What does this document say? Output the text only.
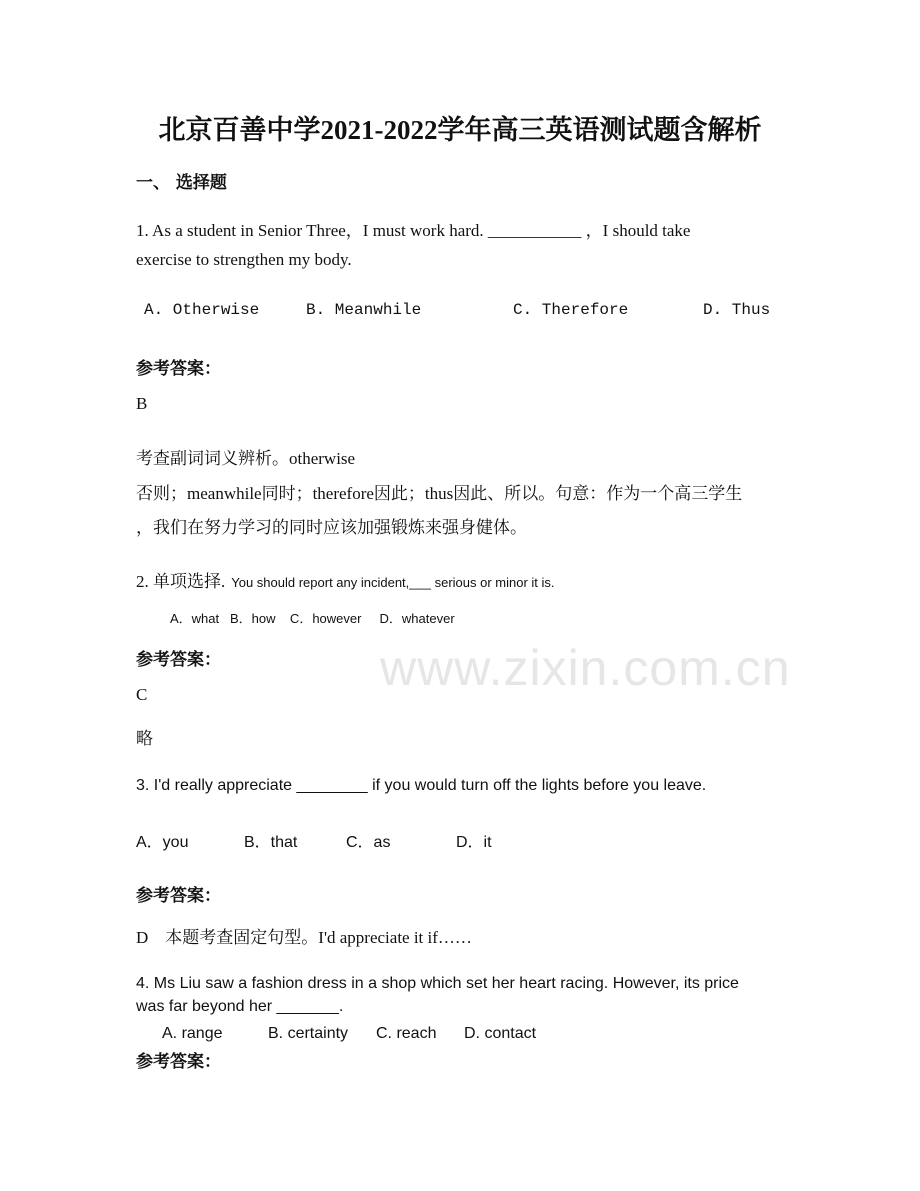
www.zixin.com.cn
北京百善中学2021-2022学年高三英语测试题含解析
一、 选择题
1. As a student in Senior Three，I must work hard. ___________ ，I should take
exercise to strengthen my body.
A. Otherwise	B. Meanwhile	C. Therefore	D. Thus
参考答案：
B
考查副词词义辨析。otherwise
否则；meanwhile同时；therefore因此；thus因此、所以。句意：作为一个高三学生
，我们在努力学习的同时应该加强锻炼来强身健体。
2. 单项选择. You should report any incident,___ serious or minor it is.
A．what   B．how    C．however     D．whatever
参考答案：
C
略
3. I'd really appreciate ________ if you would turn off the lights before you leave.
A．you	B．that	C．as	D．it
参考答案：
D    本题考查固定句型。I'd appreciate it if……
4. Ms Liu saw a fashion dress in a shop which set her heart racing. However, its price
was far beyond her _______.
A. range	B. certainty C. reach D. contact
参考答案：
